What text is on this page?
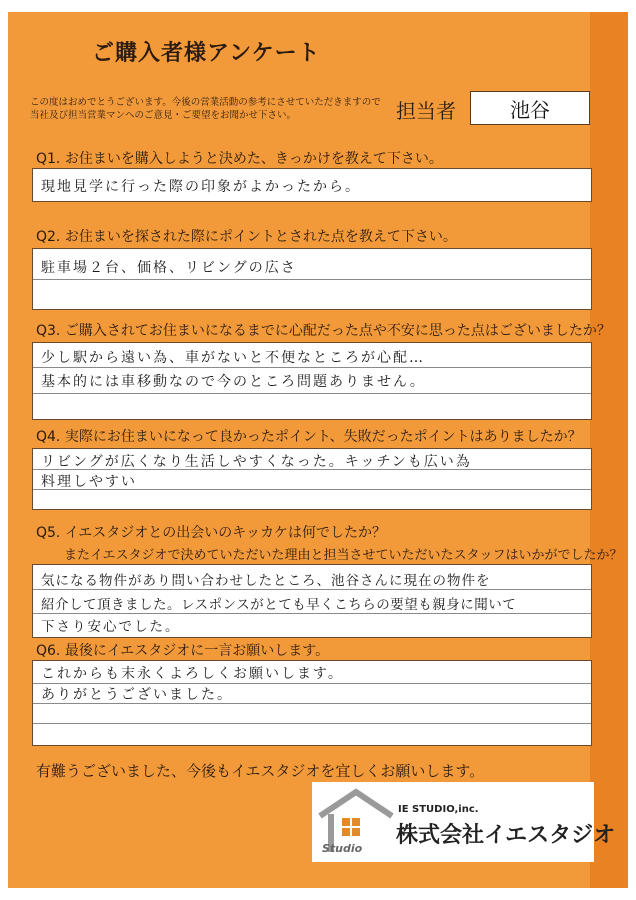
ご購入者様アンケート
この度はおめでとうございます。今後の営業活動の参考にさせていただきますので
当社及び担当営業マンへのご意見・ご要望をお聞かせ下さい。	担当者	池谷
Q1. お住まいを購入しようと決めた、きっかけを教えて下さい。
現地見学に行った際の印象がよかったから。
Q2. お住まいを探された際にポイントとされた点を教えて下さい。
駐車場２台、価格、リビングの広さ
Q3. ご購入されてお住まいになるまでに心配だった点や不安に思った点はございましたか？
少し駅から遠い為、車がないと不便なところが心配…
基本的には車移動なので今のところ問題ありません。
Q4. 実際にお住まいになって良かったポイント、失敗だったポイントはありましたか？
リビングが広くなり生活しやすくなった。キッチンも広い為
料理しやすい
Q5. イエスタジオとの出会いのキッカケは何でしたか？
またイエスタジオで決めていただいた理由と担当させていただいたスタッフはいかがでしたか？
気になる物件があり問い合わせしたところ、池谷さんに現在の物件を
紹介して頂きました。レスポンスがとても早くこちらの要望も親身に聞いて
下さり安心でした。
Q6. 最後にイエスタジオに一言お願いします。
これからも末永くよろしくお願いします。
ありがとうございました。
有難うございました、今後もイエスタジオを宜しくお願いします。
IE STUDIO,inc.
株式会社イエスタジオ
Studio
